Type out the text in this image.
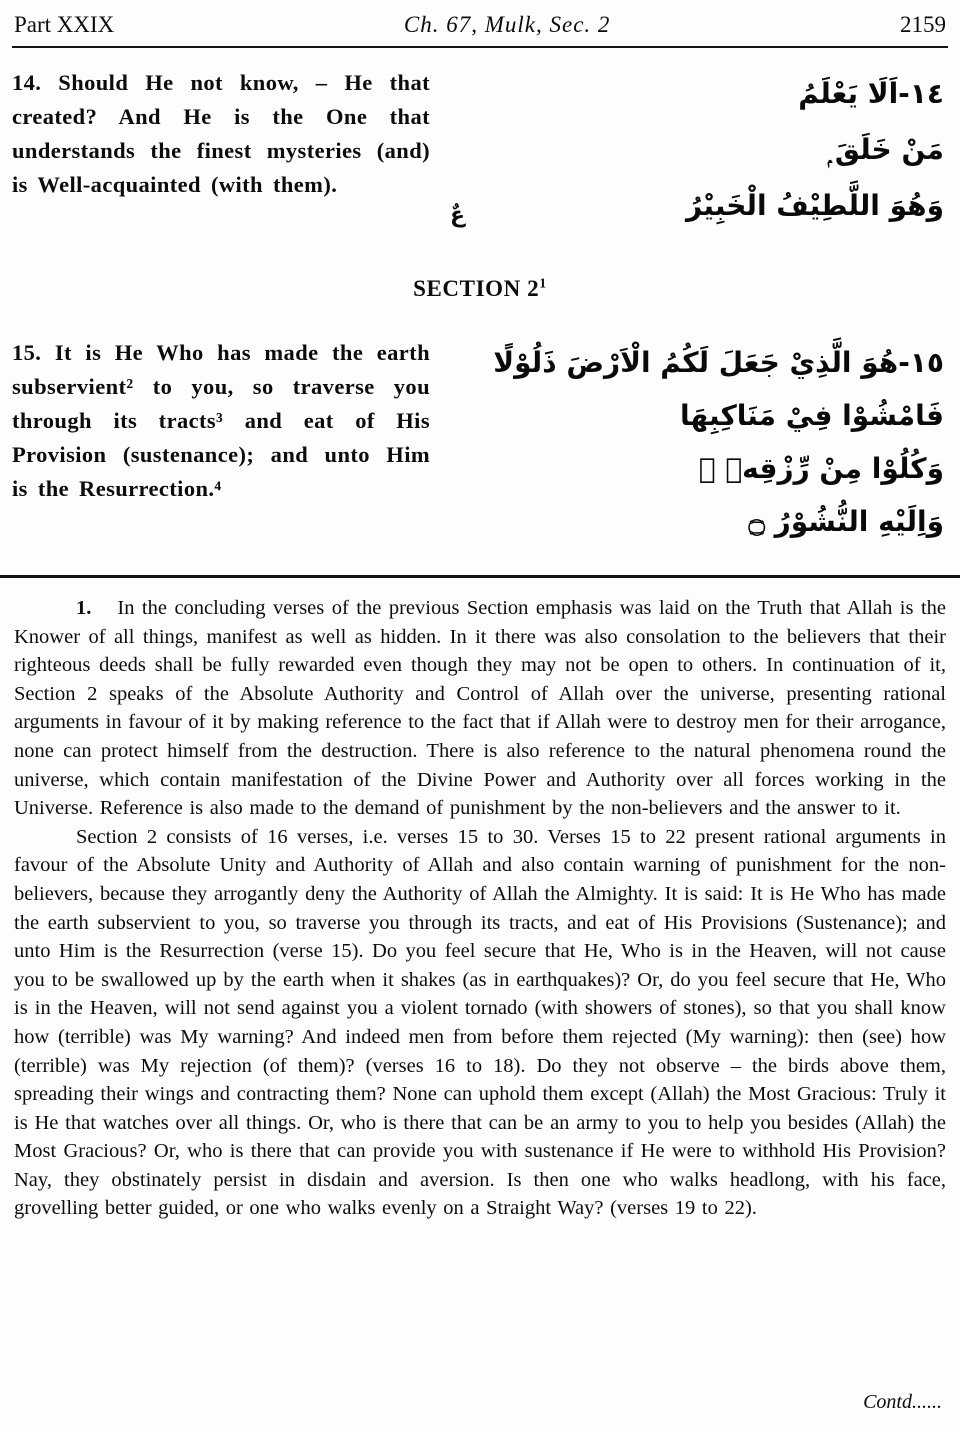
Part XXIX	Ch. 67, Mulk, Sec. 2	2159
14. Should He not know, – He that created? And He is the One that understands the finest mysteries (and) is Well-acquainted (with them).
١٤-اَلَا يَعْلَمُ
مَنْ خَلَقَ ۭ
عٌ	وَهُوَ اللَّطِيْفُ الْخَبِيْرُ
SECTION $2^1$
15. It is He Who has made the earth subservient² to you, so traverse you through its tracts³ and eat of His Provision (sustenance); and unto Him is the Resurrection.⁴
١٥-هُوَ الَّذِيْ جَعَلَ لَكُمُ الْاَرْضَ ذَلُوْلًا
فَامْشُوْا فِيْ مَنَاكِبِهَا
وَكُلُوْا مِنْ رِّزْقِهٖ ۭ
وَاِلَيْهِ النُّشُوْرُ ۝

1. In the concluding verses of the previous Section emphasis was laid on the Truth that Allah is the Knower of all things, manifest as well as hidden. In it there was also consolation to the believers that their righteous deeds shall be fully rewarded even though they may not be open to others. In continuation of it, Section 2 speaks of the Absolute Authority and Control of Allah over the universe, presenting rational arguments in favour of it by making reference to the fact that if Allah were to destroy men for their arrogance, none can protect himself from the destruction. There is also reference to the natural phenomena round the universe, which contain manifestation of the Divine Power and Authority over all forces working in the Universe. Reference is also made to the demand of punishment by the non-believers and the answer to it.

Section 2 consists of 16 verses, i.e. verses 15 to 30. Verses 15 to 22 present rational arguments in favour of the Absolute Unity and Authority of Allah and also contain warning of punishment for the non-believers, because they arrogantly deny the Authority of Allah the Almighty. It is said: It is He Who has made the earth subservient to you, so traverse you through its tracts, and eat of His Provisions (Sustenance); and unto Him is the Resurrection (verse 15). Do you feel secure that He, Who is in the Heaven, will not cause you to be swallowed up by the earth when it shakes (as in earthquakes)? Or, do you feel secure that He, Who is in the Heaven, will not send against you a violent tornado (with showers of stones), so that you shall know how (terrible) was My warning? And indeed men from before them rejected (My warning): then (see) how (terrible) was My rejection (of them)? (verses 16 to 18). Do they not observe – the birds above them, spreading their wings and contracting them? None can uphold them except (Allah) the Most Gracious: Truly it is He that watches over all things. Or, who is there that can be an army to you to help you besides (Allah) the Most Gracious? Or, who is there that can provide you with sustenance if He were to withhold His Provision? Nay, they obstinately persist in disdain and aversion. Is then one who walks headlong, with his face, grovelling better guided, or one who walks evenly on a Straight Way? (verses 19 to 22).

Contd......
